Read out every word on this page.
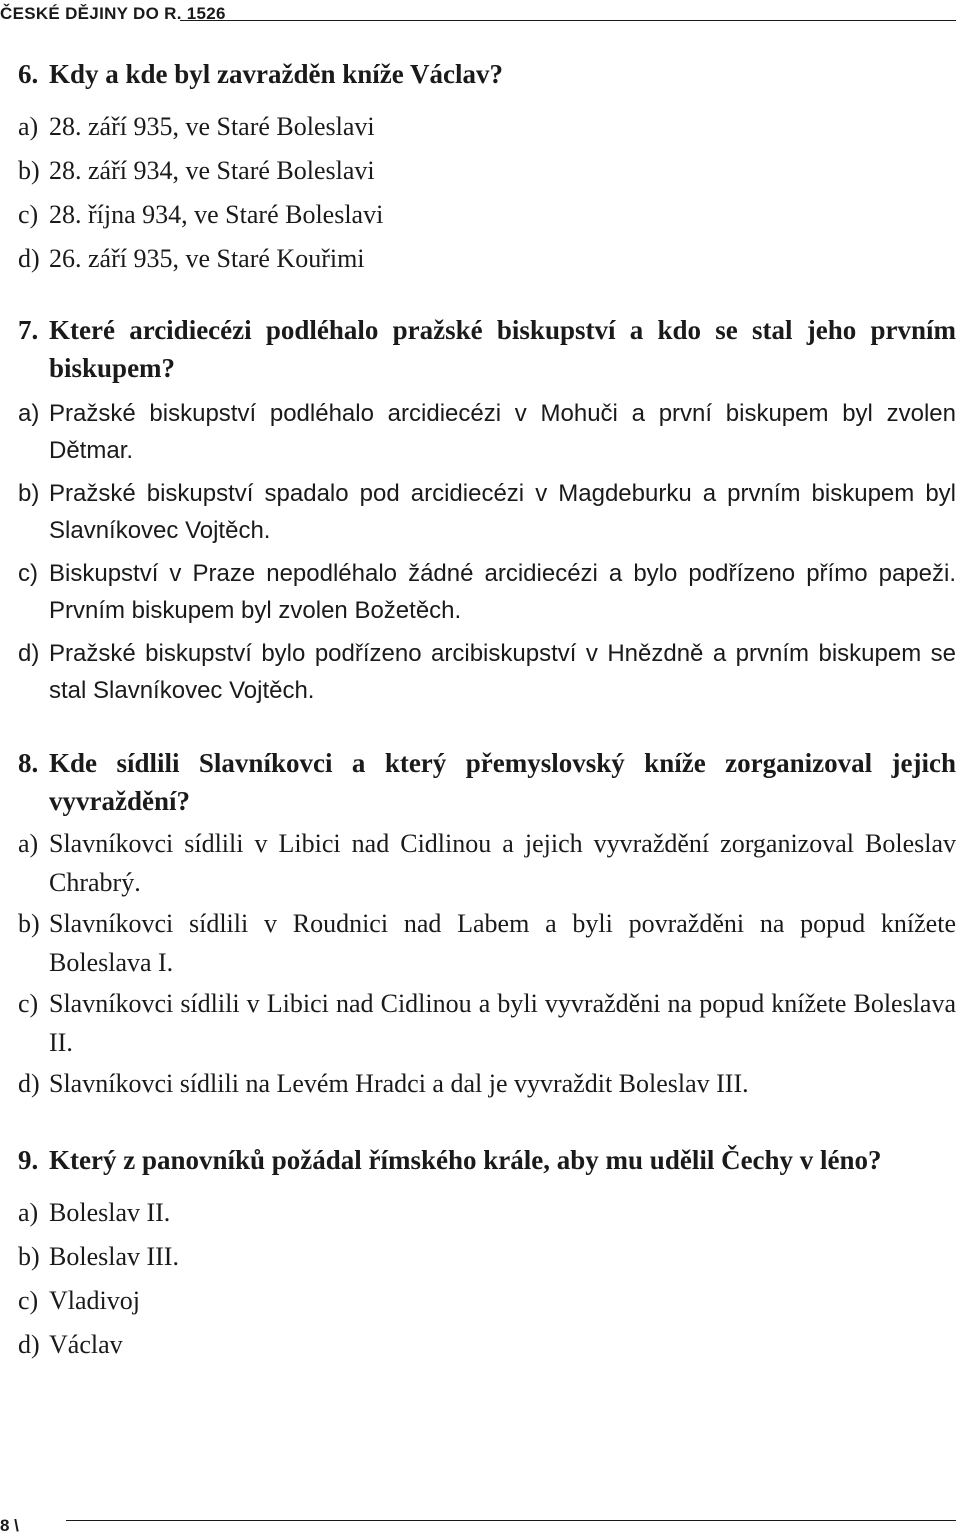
ČESKÉ DĚJINY DO R. 1526
6. Kdy a kde byl zavražděn kníže Václav?
a) 28. září 935, ve Staré Boleslavi
b) 28. září 934, ve Staré Boleslavi
c) 28. října 934, ve Staré Boleslavi
d) 26. září 935, ve Staré Kouřimi
7. Které arcidiecézi podléhalo pražské biskupství a kdo se stal jeho prvním biskupem?
a) Pražské biskupství podléhalo arcidiecézi v Mohuči a první biskupem byl zvolen Dětmar.
b) Pražské biskupství spadalo pod arcidiecézi v Magdeburku a prvním biskupem byl Slavníkovec Vojtěch.
c) Biskupství v Praze nepodléhalo žádné arcidiecézi a bylo podřízeno přímo papeži. Prvním biskupem byl zvolen Božetěch.
d) Pražské biskupství bylo podřízeno arcibiskupství v Hnězdně a prvním biskupem se stal Slavníkovec Vojtěch.
8. Kde sídlili Slavníkovci a který přemyslovský kníže zorganizoval jejich vyvraždění?
a) Slavníkovci sídlili v Libici nad Cidlinou a jejich vyvraždění zorganizoval Boleslav Chrabrý.
b) Slavníkovci sídlili v Roudnici nad Labem a byli povražděni na popud knížete Boleslava I.
c) Slavníkovci sídlili v Libici nad Cidlinou a byli vyvražděni na popud knížete Boleslava II.
d) Slavníkovci sídlili na Levém Hradci a dal je vyvraždit Boleslav III.
9. Který z panovníků požádal římského krále, aby mu udělil Čechy v léno?
a) Boleslav II.
b) Boleslav III.
c) Vladivoj
d) Václav
8 \
